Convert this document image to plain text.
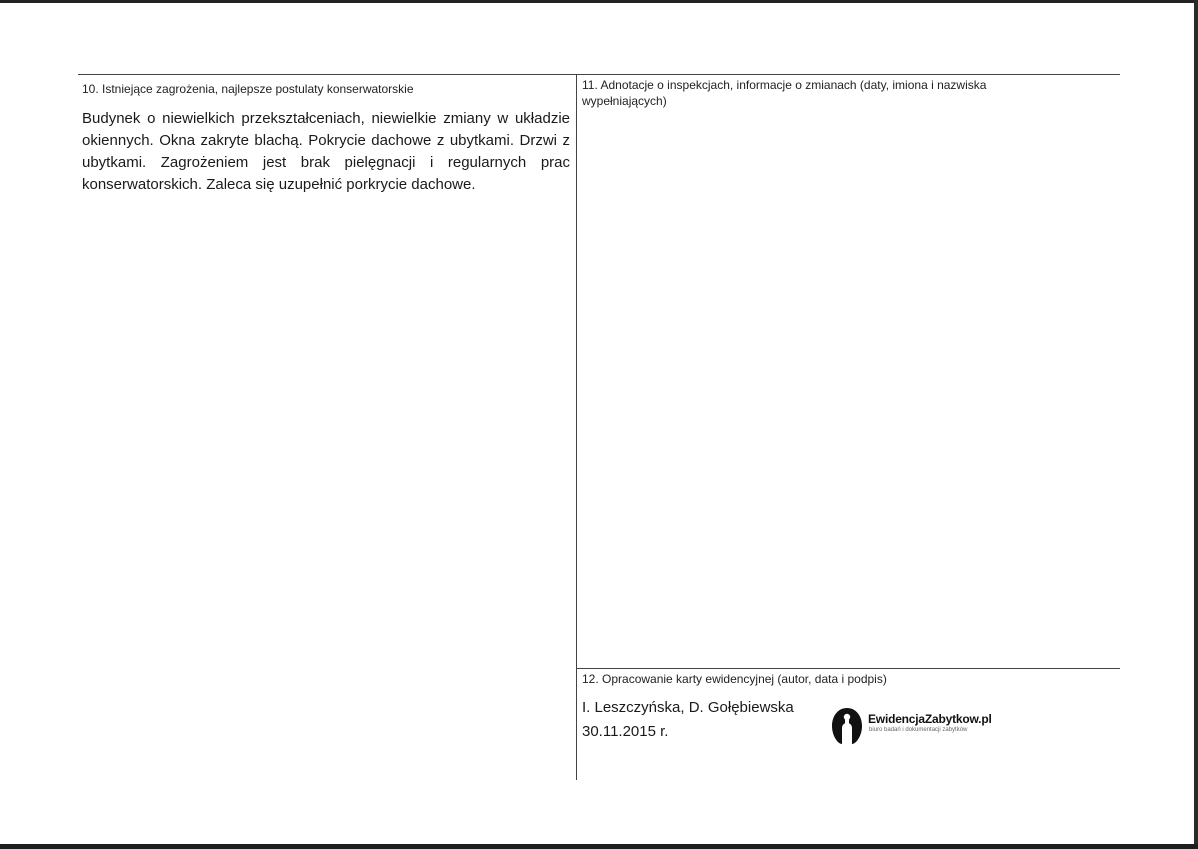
10. Istniejące zagrożenia, najlepsze postulaty konserwatorskie
Budynek o niewielkich przekształceniach, niewielkie zmiany w układzie okiennych. Okna zakryte blachą. Pokrycie dachowe z ubytkami. Drzwi z ubytkami. Zagrożeniem jest brak pielęgnacji i regularnych prac konserwatorskich. Zaleca się uzupełnić porkrycie dachowe.
11. Adnotacje o inspekcjach, informacje o zmianach (daty, imiona i nazwiska wypełniających)
12. Opracowanie karty ewidencyjnej (autor, data i podpis)
I. Leszczyńska, D. Gołębiewska
30.11.2015 r.
EwidencjaZabytkow.pl
biuro badań i dokumentacji zabytków
